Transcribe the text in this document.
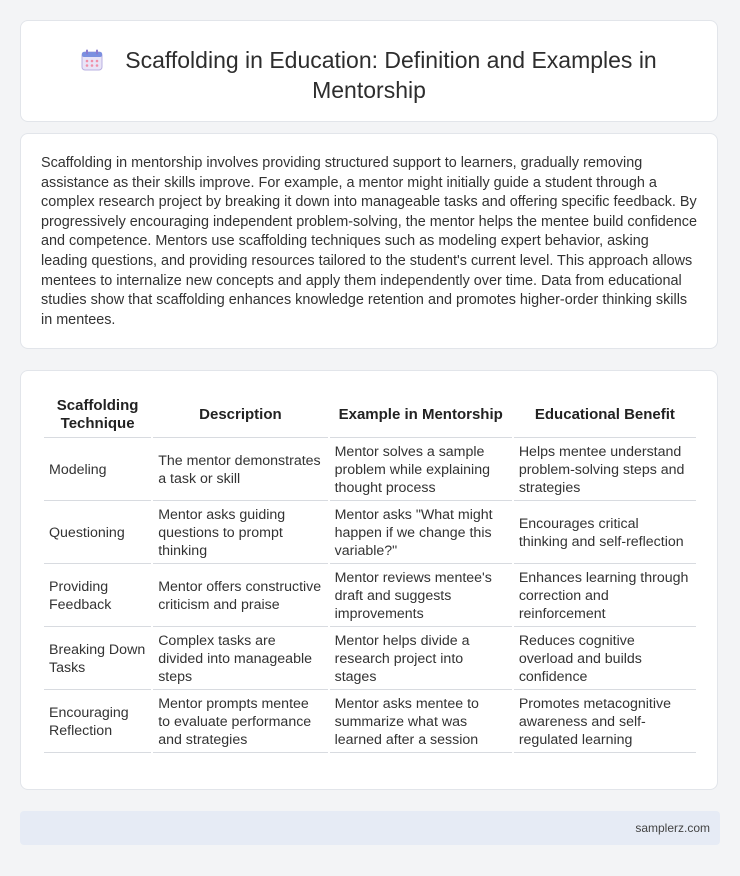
Scaffolding in Education: Definition and Examples in Mentorship

Scaffolding in mentorship involves providing structured support to learners, gradually removing assistance as their skills improve. For example, a mentor might initially guide a student through a complex research project by breaking it down into manageable tasks and offering specific feedback. By progressively encouraging independent problem-solving, the mentor helps the mentee build confidence and competence. Mentors use scaffolding techniques such as modeling expert behavior, asking leading questions, and providing resources tailored to the student's current level. This approach allows mentees to internalize new concepts and apply them independently over time. Data from educational studies show that scaffolding enhances knowledge retention and promotes higher-order thinking skills in mentees.

Scaffolding Technique	Description	Example in Mentorship	Educational Benefit
Modeling	The mentor demonstrates a task or skill	Mentor solves a sample problem while explaining thought process	Helps mentee understand problem-solving steps and strategies
Questioning	Mentor asks guiding questions to prompt thinking	Mentor asks "What might happen if we change this variable?"	Encourages critical thinking and self-reflection
Providing Feedback	Mentor offers constructive criticism and praise	Mentor reviews mentee's draft and suggests improvements	Enhances learning through correction and reinforcement
Breaking Down Tasks	Complex tasks are divided into manageable steps	Mentor helps divide a research project into stages	Reduces cognitive overload and builds confidence
Encouraging Reflection	Mentor prompts mentee to evaluate performance and strategies	Mentor asks mentee to summarize what was learned after a session	Promotes metacognitive awareness and self-regulated learning
samplerz.com
